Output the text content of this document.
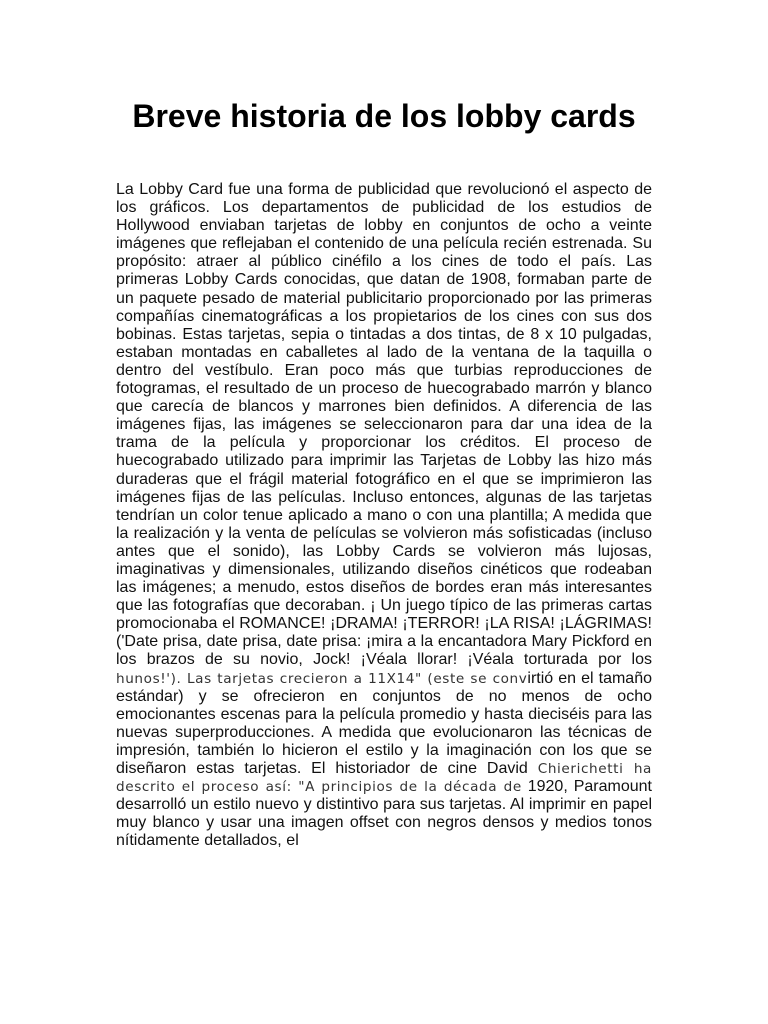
Breve historia de los lobby cards

La Lobby Card fue una forma de publicidad que revolucionó el aspecto de los gráficos. Los departamentos de publicidad de los estudios de Hollywood enviaban tarjetas de lobby en conjuntos de ocho a veinte imágenes que reflejaban el contenido de una película recién estrenada. Su propósito: atraer al público cinéfilo a los cines de todo el país. Las primeras Lobby Cards conocidas, que datan de 1908, formaban parte de un paquete pesado de material publicitario proporcionado por las primeras compañías cinematográficas a los propietarios de los cines con sus dos bobinas. Estas tarjetas, sepia o tintadas a dos tintas, de 8 x 10 pulgadas, estaban montadas en caballetes al lado de la ventana de la taquilla o dentro del vestíbulo. Eran poco más que turbias reproducciones de fotogramas, el resultado de un proceso de huecograbado marrón y blanco que carecía de blancos y marrones bien definidos. A diferencia de las imágenes fijas, las imágenes se seleccionaron para dar una idea de la trama de la película y proporcionar los créditos. El proceso de huecograbado utilizado para imprimir las Tarjetas de Lobby las hizo más duraderas que el frágil material fotográfico en el que se imprimieron las imágenes fijas de las películas. Incluso entonces, algunas de las tarjetas tendrían un color tenue aplicado a mano o con una plantilla; A medida que la realización y la venta de películas se volvieron más sofisticadas (incluso antes que el sonido), las Lobby Cards se volvieron más lujosas, imaginativas y dimensionales, utilizando diseños cinéticos que rodeaban las imágenes; a menudo, estos diseños de bordes eran más interesantes que las fotografías que decoraban. ¡ Un juego típico de las primeras cartas promocionaba el ROMANCE! ¡DRAMA! ¡TERROR! ¡LA RISA! ¡LÁGRIMAS! ('Date prisa, date prisa, date prisa: ¡mira a la encantadora Mary Pickford en los brazos de su novio, Jock! ¡Véala llorar! ¡Véala torturada por los hunos!'). Las tarjetas crecieron a 11X14" (este se convirtió en el tamaño estándar) y se ofrecieron en conjuntos de no menos de ocho emocionantes escenas para la película promedio y hasta dieciséis para las nuevas superproducciones. A medida que evolucionaron las técnicas de impresión, también lo hicieron el estilo y la imaginación con los que se diseñaron estas tarjetas. El historiador de cine David Chierichetti ha descrito el proceso así: "A principios de la década de 1920, Paramount desarrolló un estilo nuevo y distintivo para sus tarjetas. Al imprimir en papel muy blanco y usar una imagen offset con negros densos y medios tonos nítidamente detallados, el
